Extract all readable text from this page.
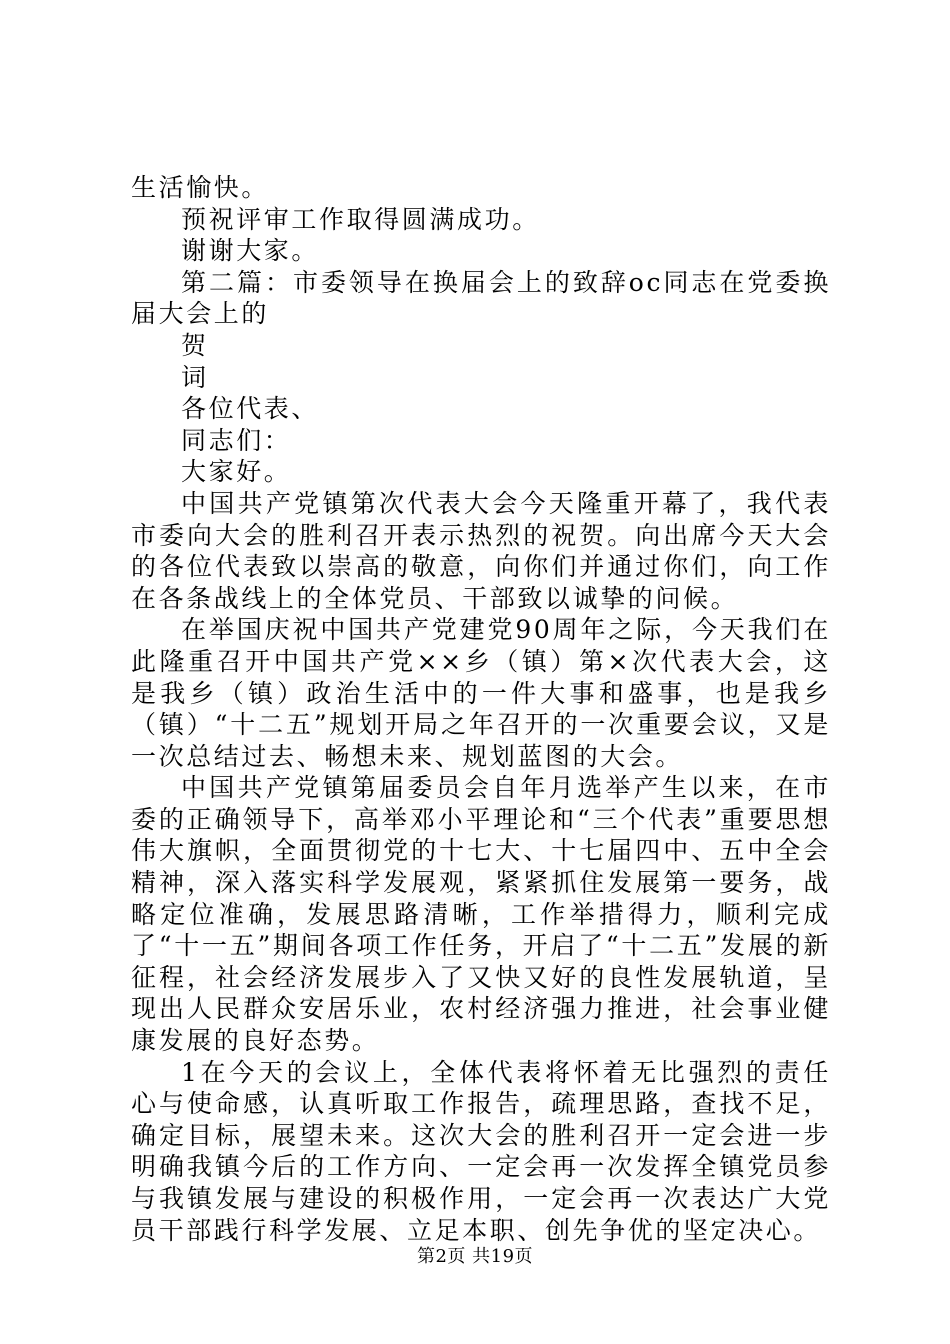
生活愉快。

预祝评审工作取得圆满成功。

谢谢大家。

第二篇：市委领导在换届会上的致辞oc同志在党委换届大会上的

贺

词

各位代表、

同志们：

大家好。

中国共产党镇第次代表大会今天隆重开幕了，我代表市委向大会的胜利召开表示热烈的祝贺。向出席今天大会的各位代表致以崇高的敬意，向你们并通过你们，向工作在各条战线上的全体党员、干部致以诚挚的问候。

在举国庆祝中国共产党建党90周年之际，今天我们在此隆重召开中国共产党××乡（镇）第×次代表大会，这是我乡（镇）政治生活中的一件大事和盛事，也是我乡（镇）“十二五”规划开局之年召开的一次重要会议，又是一次总结过去、畅想未来、规划蓝图的大会。

中国共产党镇第届委员会自年月选举产生以来，在市委的正确领导下，高举邓小平理论和“三个代表”重要思想伟大旗帜，全面贯彻党的十七大、十七届四中、五中全会精神，深入落实科学发展观，紧紧抓住发展第一要务，战略定位准确，发展思路清晰，工作举措得力，顺利完成了“十一五”期间各项工作任务，开启了“十二五”发展的新征程，社会经济发展步入了又快又好的良性发展轨道，呈现出人民群众安居乐业，农村经济强力推进，社会事业健康发展的良好态势。

1在今天的会议上，全体代表将怀着无比强烈的责任心与使命感，认真听取工作报告，疏理思路，查找不足，确定目标，展望未来。这次大会的胜利召开一定会进一步明确我镇今后的工作方向、一定会再一次发挥全镇党员参与我镇发展与建设的积极作用，一定会再一次表达广大党员干部践行科学发展、立足本职、创先争优的坚定决心。

第2页 共19页
